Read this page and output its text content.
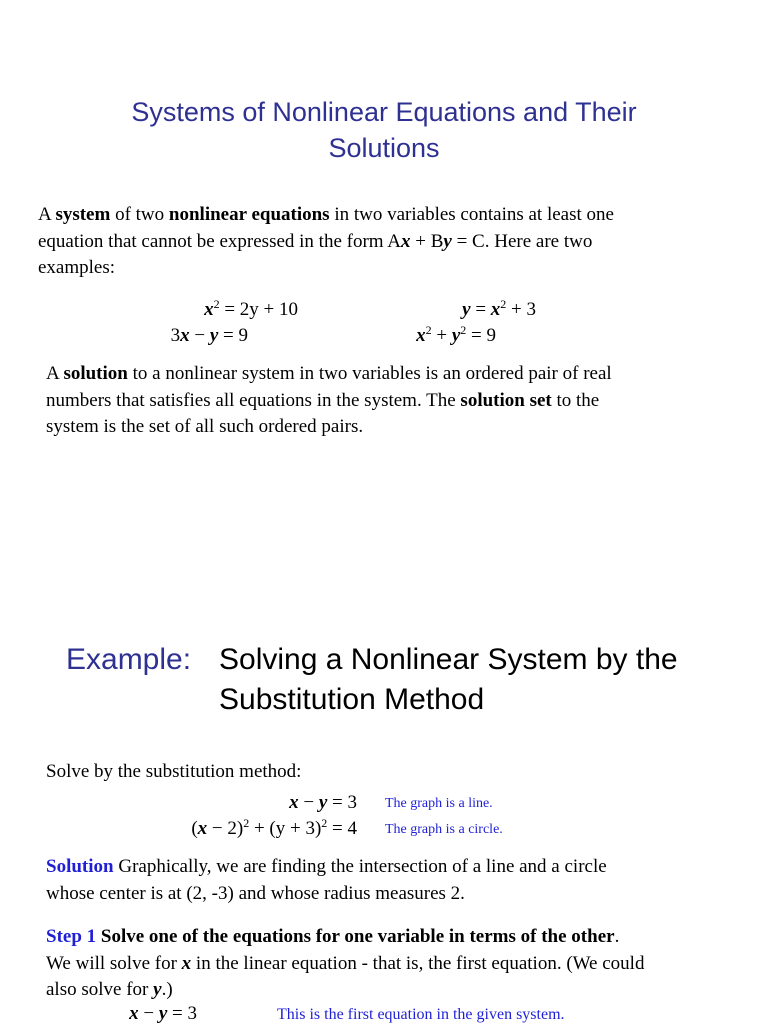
Systems of Nonlinear Equations and Their
Solutions
A system of two nonlinear equations in two variables contains at least one
equation that cannot be expressed in the form Ax + By = C. Here are two
examples:
$x^2 = 2y + 10$
3x − y = 9
$y = x^2 + 3$
$x^2 + y^2 = 9$
A solution to a nonlinear system in two variables is an ordered pair of real
numbers that satisfies all equations in the system. The solution set to the
system is the set of all such ordered pairs.
Example: Solving a Nonlinear System by the
Substitution Method
Solve by the substitution method:
x − y = 3 The graph is a line.
$(x - 2)^2 + (y + 3)^2 = 4$ The graph is a circle.
Solution Graphically, we are finding the intersection of a line and a circle
whose center is at (2, -3) and whose radius measures 2.
Step 1 Solve one of the equations for one variable in terms of the other.
We will solve for x in the linear equation - that is, the first equation. (We could
also solve for y.)
x − y = 3	This is the first equation in the given system.
